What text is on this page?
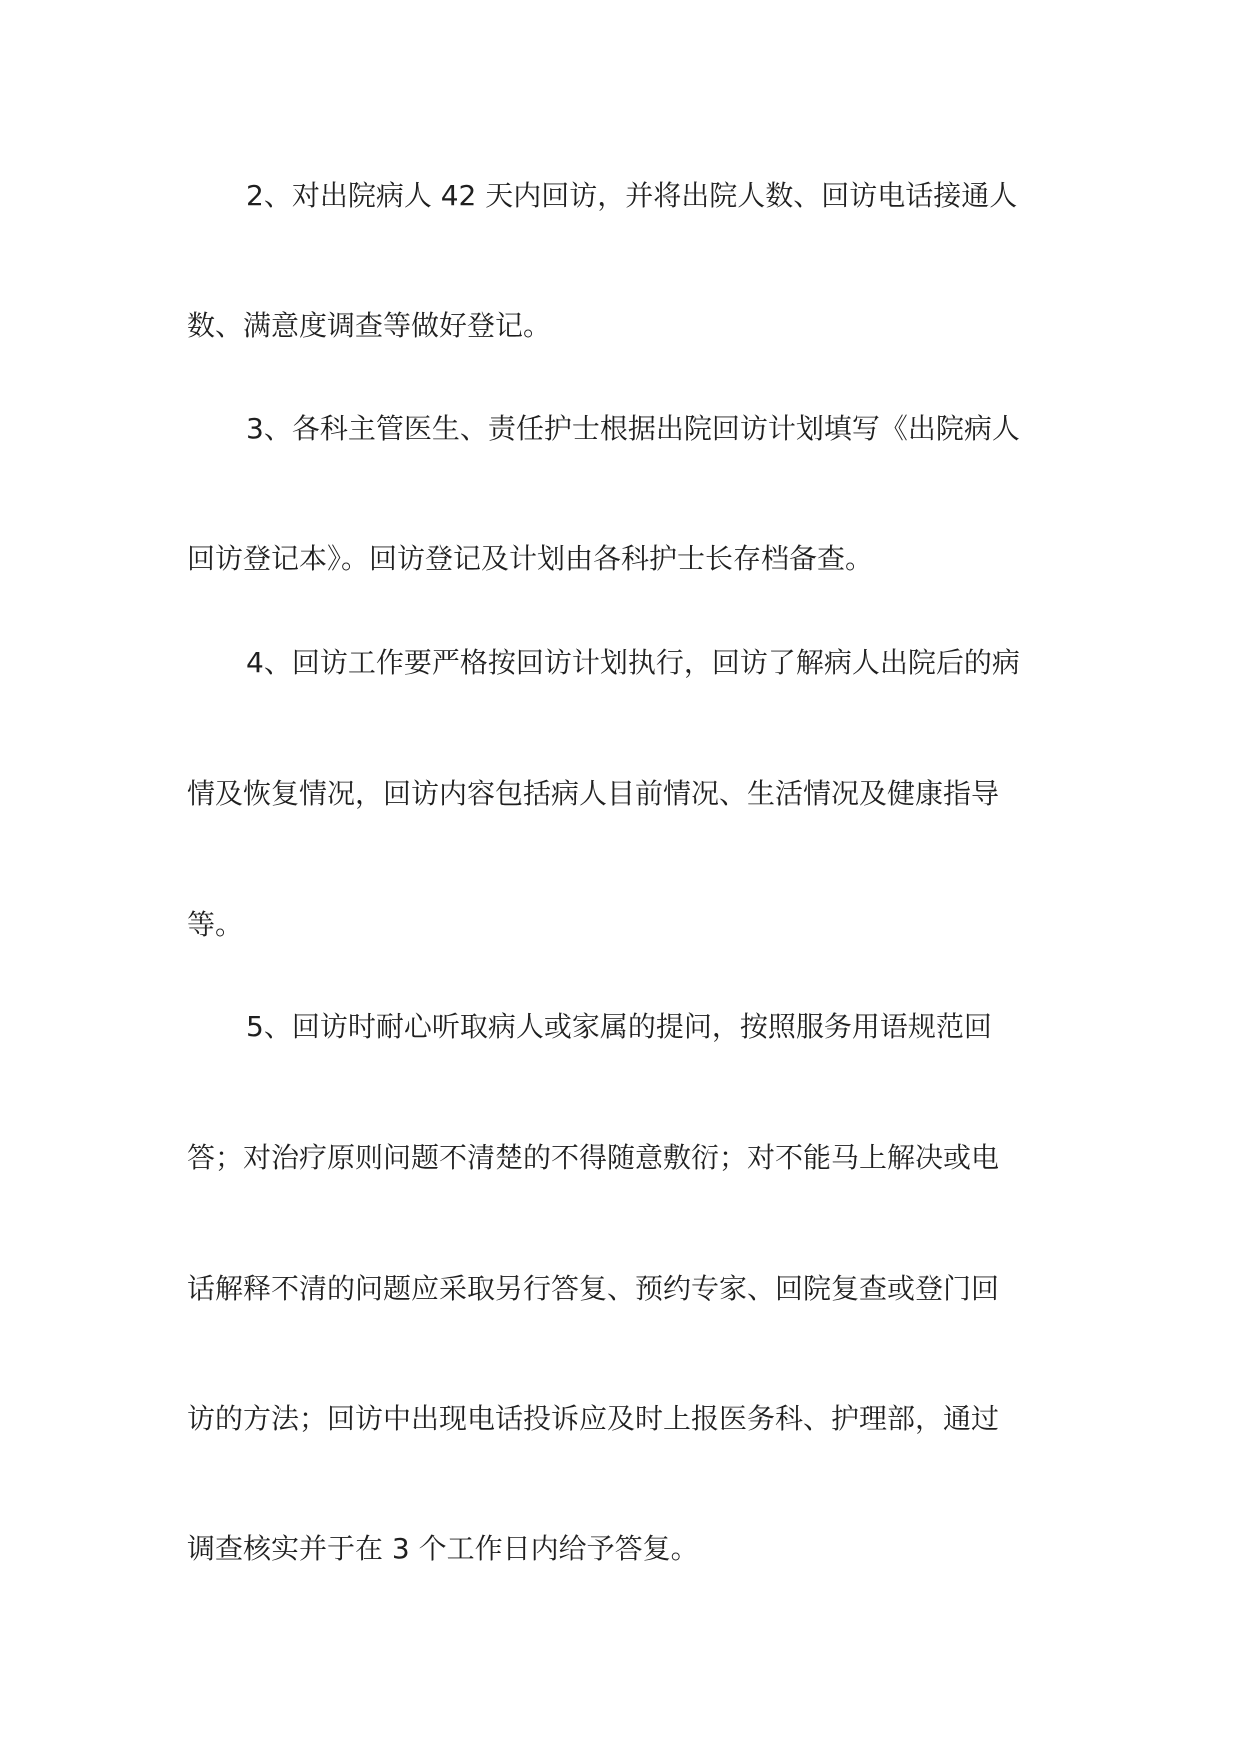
2、对出院病人 42 天内回访，并将出院人数、回访电话接通人
数、满意度调查等做好登记。
3、各科主管医生、责任护士根据出院回访计划填写《出院病人
回访登记本》。回访登记及计划由各科护士长存档备查。
4、回访工作要严格按回访计划执行，回访了解病人出院后的病
情及恢复情况，回访内容包括病人目前情况、生活情况及健康指导
等。
5、回访时耐心听取病人或家属的提问，按照服务用语规范回
答；对治疗原则问题不清楚的不得随意敷衍；对不能马上解决或电
话解释不清的问题应采取另行答复、预约专家、回院复查或登门回
访的方法；回访中出现电话投诉应及时上报医务科、护理部，通过
调查核实并于在 3 个工作日内给予答复。
